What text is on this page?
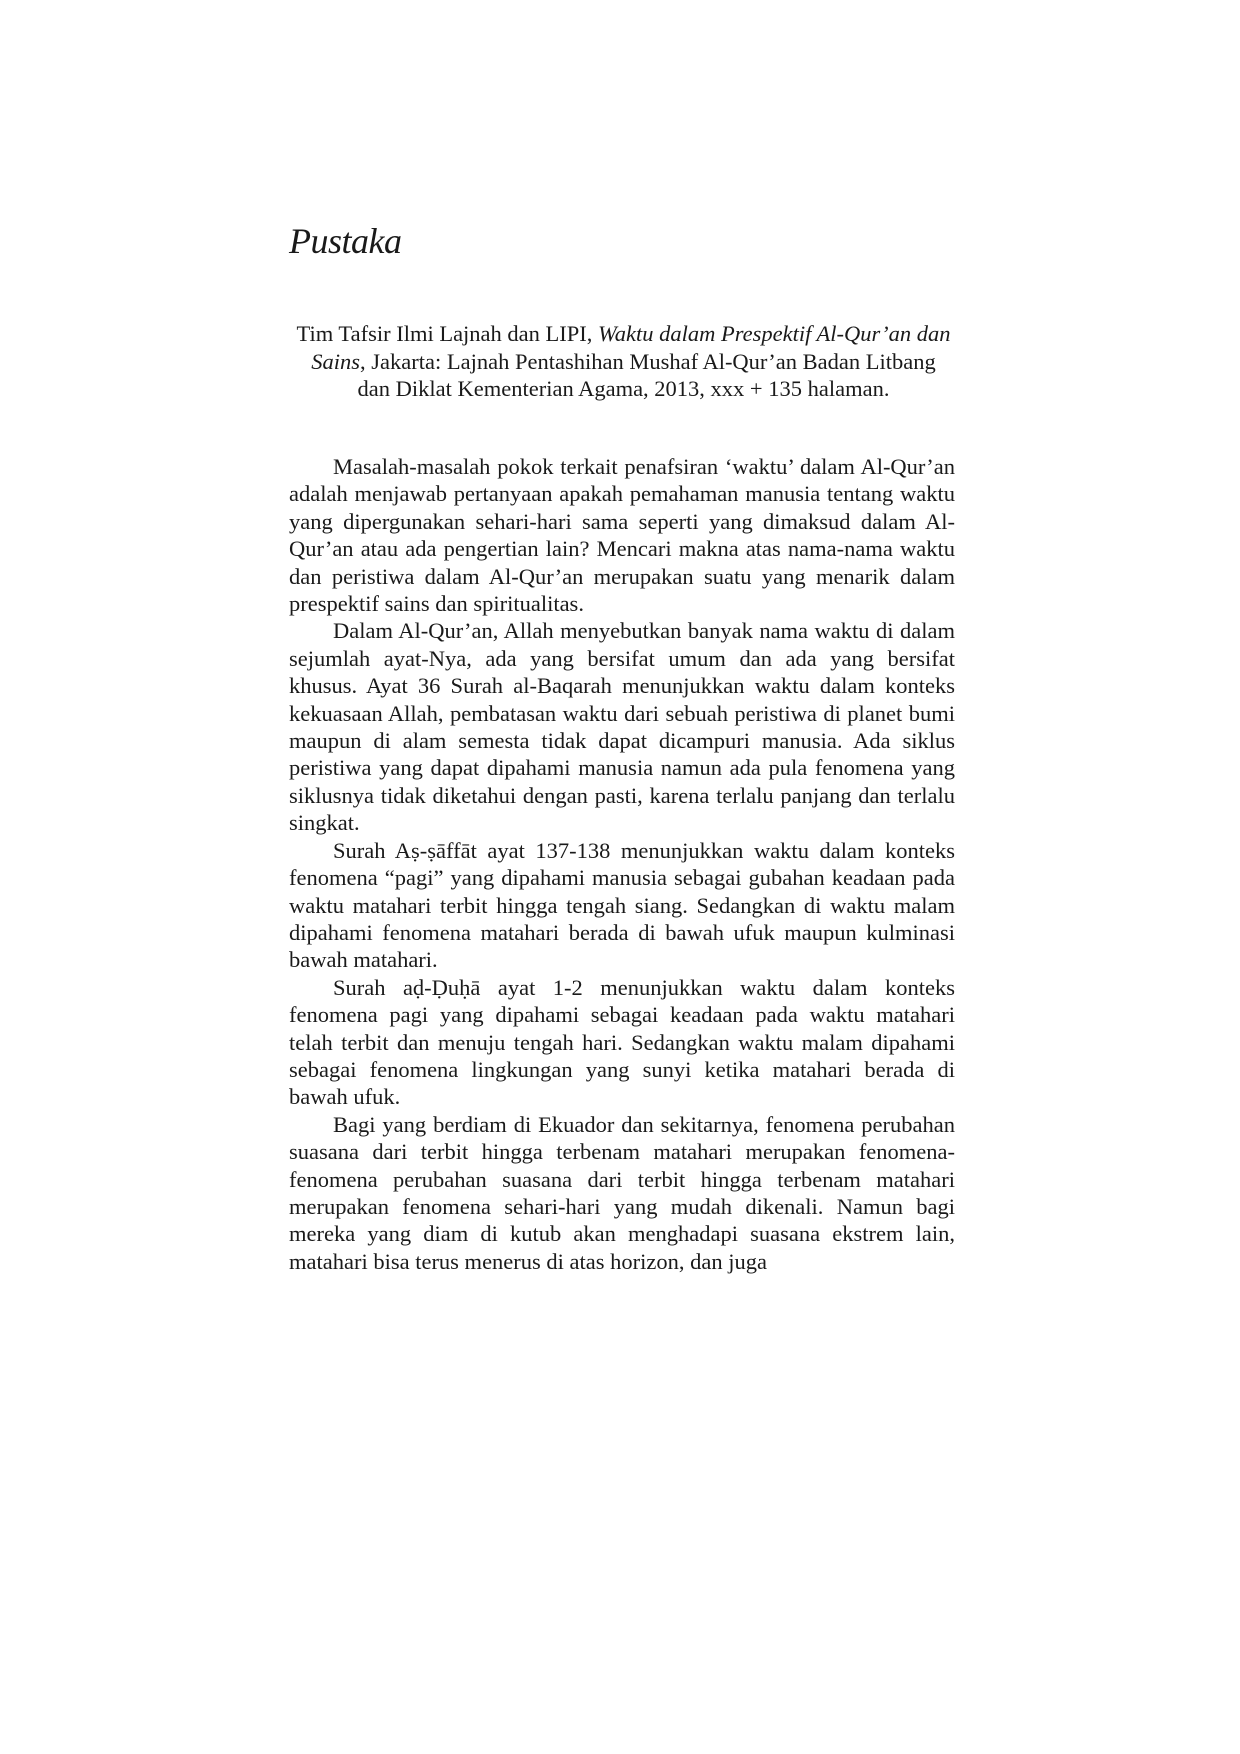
Pustaka

Tim Tafsir Ilmi Lajnah dan LIPI, Waktu dalam Prespektif Al-Qur’an dan Sains, Jakarta: Lajnah Pentashihan Mushaf Al-Qur’an Badan Litbang dan Diklat Kementerian Agama, 2013, xxx + 135 halaman.

Masalah-masalah pokok terkait penafsiran ‘waktu’ dalam Al-Qur’an adalah menjawab pertanyaan apakah pemahaman manusia tentang waktu yang dipergunakan sehari-hari sama seperti yang dimaksud dalam Al-Qur’an atau ada pengertian lain? Mencari makna atas nama-nama waktu dan peristiwa dalam Al-Qur’an merupakan suatu yang menarik dalam prespektif sains dan spiritualitas.

Dalam Al-Qur’an, Allah menyebutkan banyak nama waktu di dalam sejumlah ayat-Nya, ada yang bersifat umum dan ada yang bersifat khusus. Ayat 36 Surah al-Baqarah menunjukkan waktu dalam konteks kekuasaan Allah, pembatasan waktu dari sebuah peristiwa di planet bumi maupun di alam semesta tidak dapat dicampuri manusia. Ada siklus peristiwa yang dapat dipahami manusia namun ada pula fenomena yang siklusnya tidak diketahui dengan pasti, karena terlalu panjang dan terlalu singkat.

Surah Aṣ-ṣāffāt ayat 137-138 menunjukkan waktu dalam konteks fenomena “pagi” yang dipahami manusia sebagai gubahan keadaan pada waktu matahari terbit hingga tengah siang. Sedangkan di waktu malam dipahami fenomena matahari berada di bawah ufuk maupun kulminasi bawah matahari.

Surah aḍ-Ḍuḥā ayat 1-2 menunjukkan waktu dalam konteks fenomena pagi yang dipahami sebagai keadaan pada waktu matahari telah terbit dan menuju tengah hari. Sedangkan waktu malam dipahami sebagai fenomena lingkungan yang sunyi ketika matahari berada di bawah ufuk.

Bagi yang berdiam di Ekuador dan sekitarnya, fenomena perubahan suasana dari terbit hingga terbenam matahari merupakan fenomena-fenomena perubahan suasana dari terbit hingga terbenam matahari merupakan fenomena sehari-hari yang mudah dikenali. Namun bagi mereka yang diam di kutub akan menghadapi suasana ekstrem lain, matahari bisa terus menerus di atas horizon, dan juga
